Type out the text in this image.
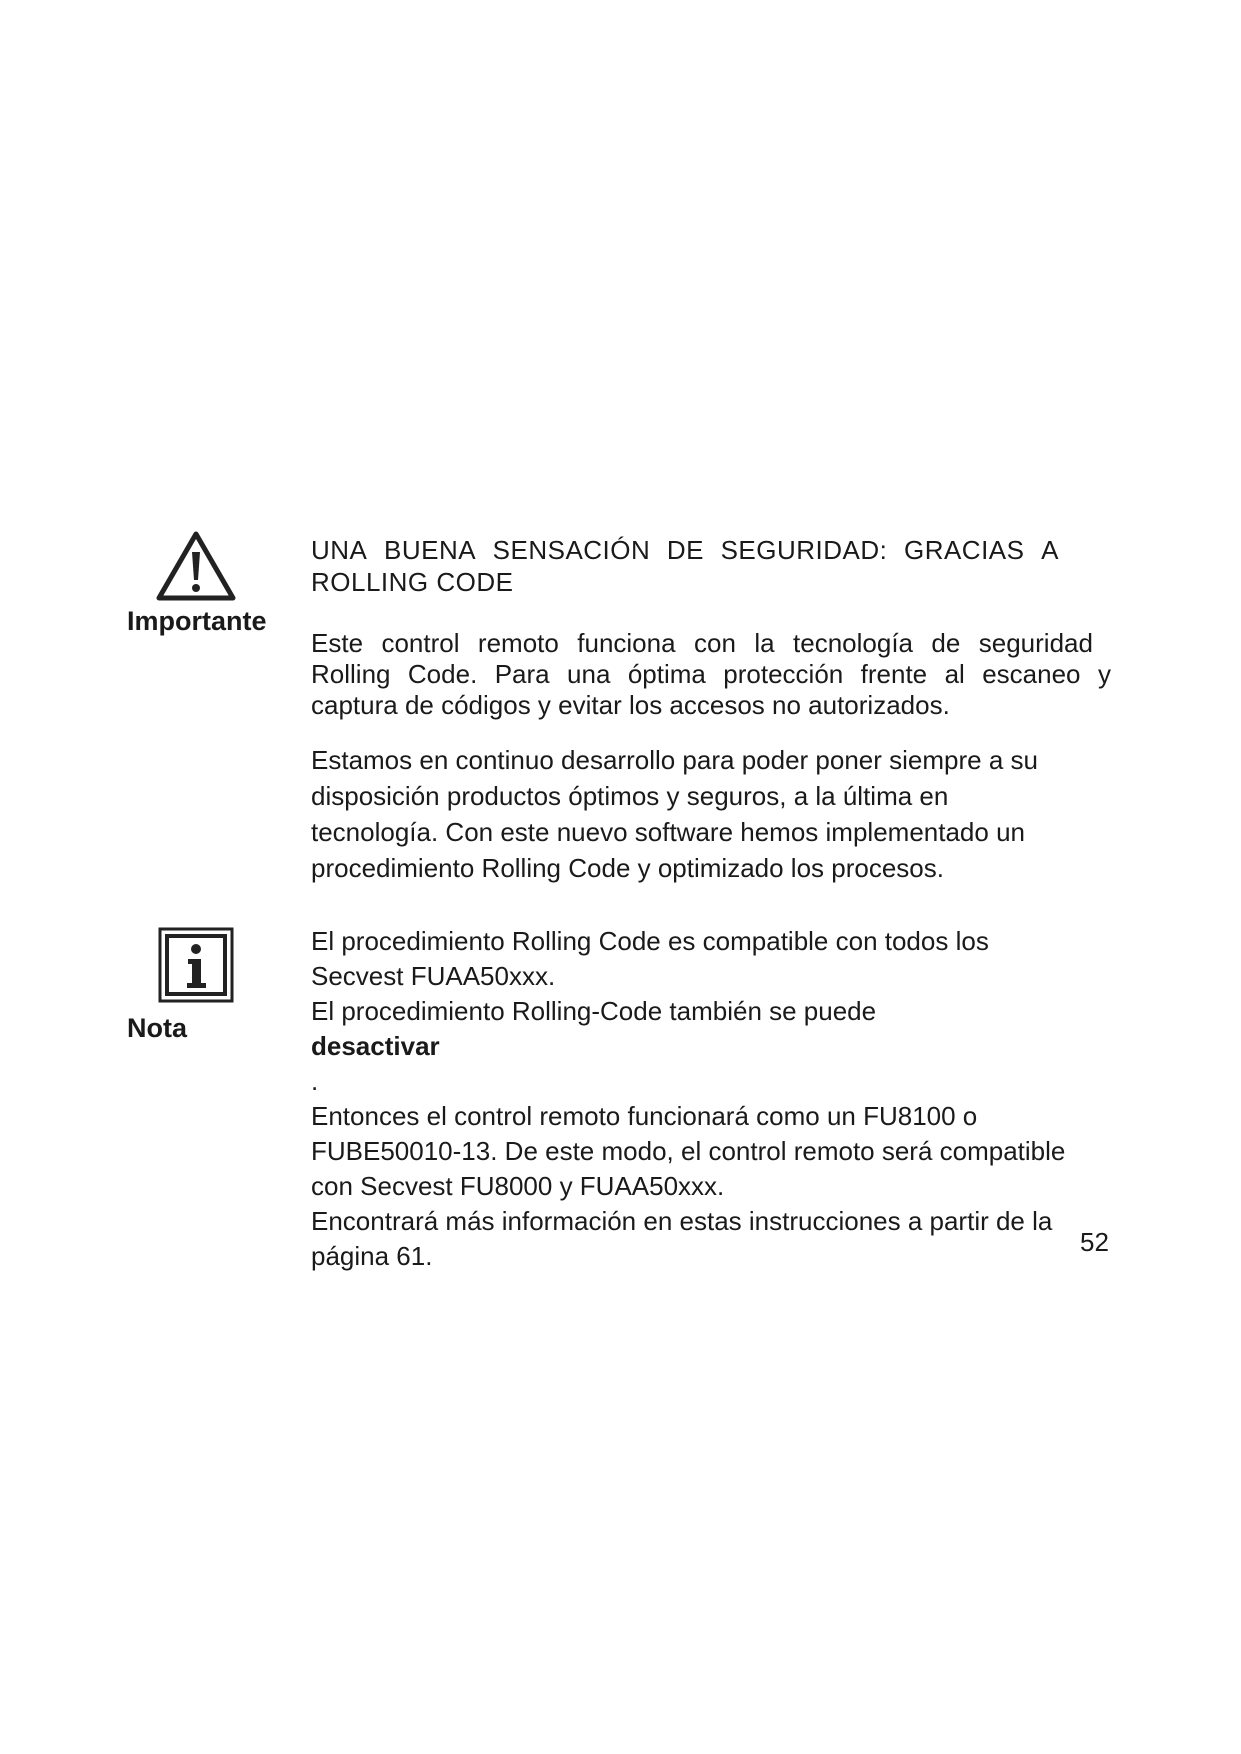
Importante
UNA BUENA SENSACIÓN DE SEGURIDAD: GRACIAS A
ROLLING CODE
Este control remoto funciona con la tecnología de seguridad
Rolling Code. Para una óptima protección frente al escaneo y
captura de códigos y evitar los accesos no autorizados.
Estamos en continuo desarrollo para poder poner siempre a su
disposición productos óptimos y seguros, a la última en
tecnología. Con este nuevo software hemos implementado un
procedimiento Rolling Code y optimizado los procesos.
Nota
El procedimiento Rolling Code es compatible con todos los
Secvest FUAA50xxx.
El procedimiento Rolling-Code también se puede
desactivar
.
Entonces el control remoto funcionará como un FU8100 o
FUBE50010-13. De este modo, el control remoto será compatible
con Secvest FU8000 y FUAA50xxx.
Encontrará más información en estas instrucciones a partir de la
página 61.	52
